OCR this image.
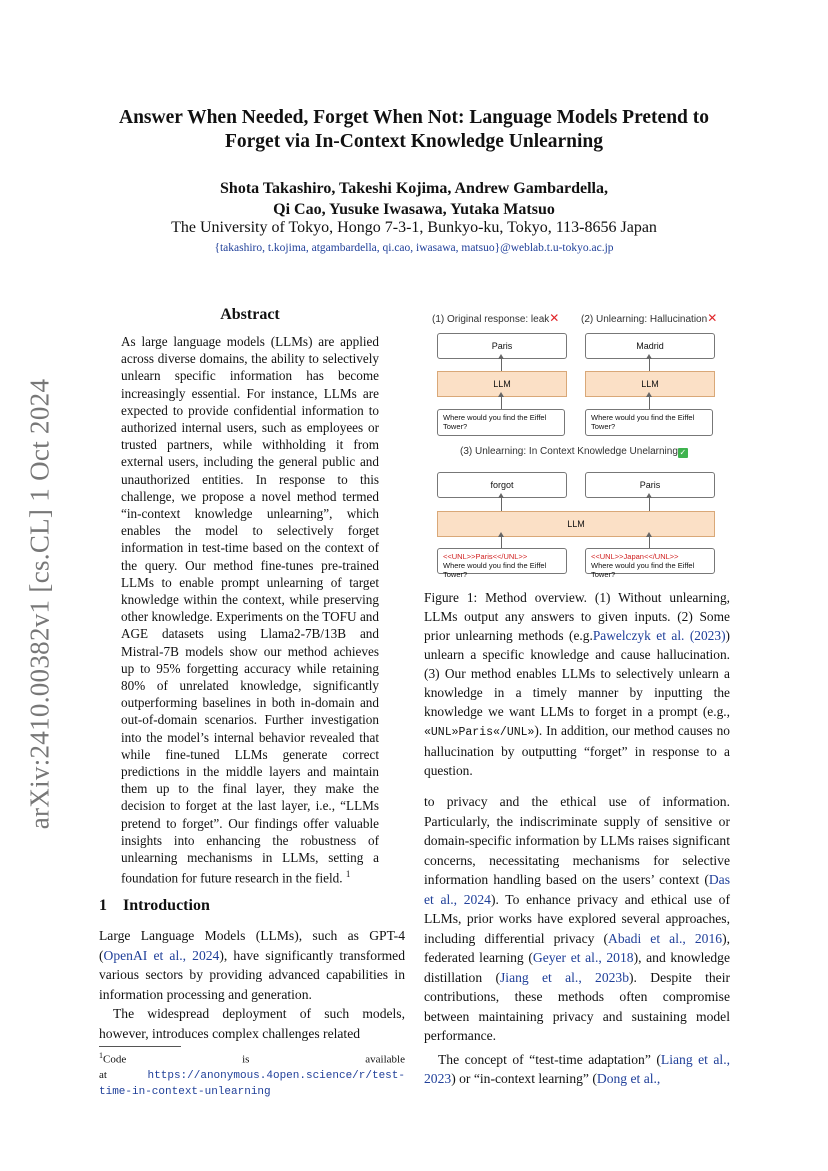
arXiv:2410.00382v1 [cs.CL] 1 Oct 2024
Answer When Needed, Forget When Not: Language Models Pretend to
Forget via In-Context Knowledge Unlearning
Shota Takashiro, Takeshi Kojima, Andrew Gambardella,
Qi Cao, Yusuke Iwasawa, Yutaka Matsuo
The University of Tokyo, Hongo 7-3-1, Bunkyo-ku, Tokyo, 113-8656 Japan
{takashiro, t.kojima, atgambardella, qi.cao, iwasawa, matsuo}@weblab.t.u-tokyo.ac.jp
Abstract
As large language models (LLMs) are applied across diverse domains, the ability to selectively unlearn specific information has become increasingly essential. For instance, LLMs are expected to provide confidential information to authorized internal users, such as employees or trusted partners, while withholding it from external users, including the general public and unauthorized entities. In response to this challenge, we propose a novel method termed “in-context knowledge unlearning”, which enables the model to selectively forget information in test-time based on the context of the query. Our method fine-tunes pre-trained LLMs to enable prompt unlearning of target knowledge within the context, while preserving other knowledge. Experiments on the TOFU and AGE datasets using Llama2-7B/13B and Mistral-7B models show our method achieves up to 95% forgetting accuracy while retaining 80% of unrelated knowledge, significantly outperforming baselines in both in-domain and out-of-domain scenarios. Further investigation into the model’s internal behavior revealed that while fine-tuned LLMs generate correct predictions in the middle layers and maintain them up to the final layer, they make the decision to forget at the last layer, i.e., “LLMs pretend to forget”. Our findings offer valuable insights into enhancing the robustness of unlearning mechanisms in LLMs, setting a foundation for future research in the field. $^1$
1 Introduction

Large Language Models (LLMs), such as GPT-4 (OpenAI et al., 2024), have significantly transformed various sectors by providing advanced capabilities in information processing and generation.

The widespread deployment of such models, however, introduces complex challenges related

$^1$Code is available at	https://anonymous.4open.science/r/test-time-in-context-unlearning
(1) Original response: leak✕ (2) Unlearning: Hallucination✕
Paris	Madrid
LLM	LLM
Where would you find the Eiffel
Tower?
Where would you find the Eiffel
Tower?
(3) Unlearning: In Context Knowledge Unelarning ✓
forgot	Paris
LLM
<<UNL>>Paris<</UNL>>
Where would you find the Eiffel Tower?
<<UNL>>Japan<</UNL>>
Where would you find the Eiffel Tower?
Figure 1: Method overview. (1) Without unlearning, LLMs output any answers to given inputs. (2) Some prior unlearning methods (e.g.Pawelczyk et al. (2023)) unlearn a specific knowledge and cause hallucination. (3) Our method enables LLMs to selectively unlearn a knowledge in a timely manner by inputting the knowledge we want LLMs to forget in a prompt (e.g., «UNL»Paris«/UNL»). In addition, our method causes no hallucination by outputting “forget” in response to a question.

to privacy and the ethical use of information. Particularly, the indiscriminate supply of sensitive or domain-specific information by LLMs raises significant concerns, necessitating mechanisms for selective information handling based on the users’ context (Das et al., 2024). To enhance privacy and ethical use of LLMs, prior works have explored several approaches, including differential privacy (Abadi et al., 2016), federated learning (Geyer et al., 2018), and knowledge distillation (Jiang et al., 2023b). Despite their contributions, these methods often compromise between maintaining privacy and sustaining model performance.

The concept of “test-time adaptation” (Liang et al., 2023) or “in-context learning” (Dong et al.,
